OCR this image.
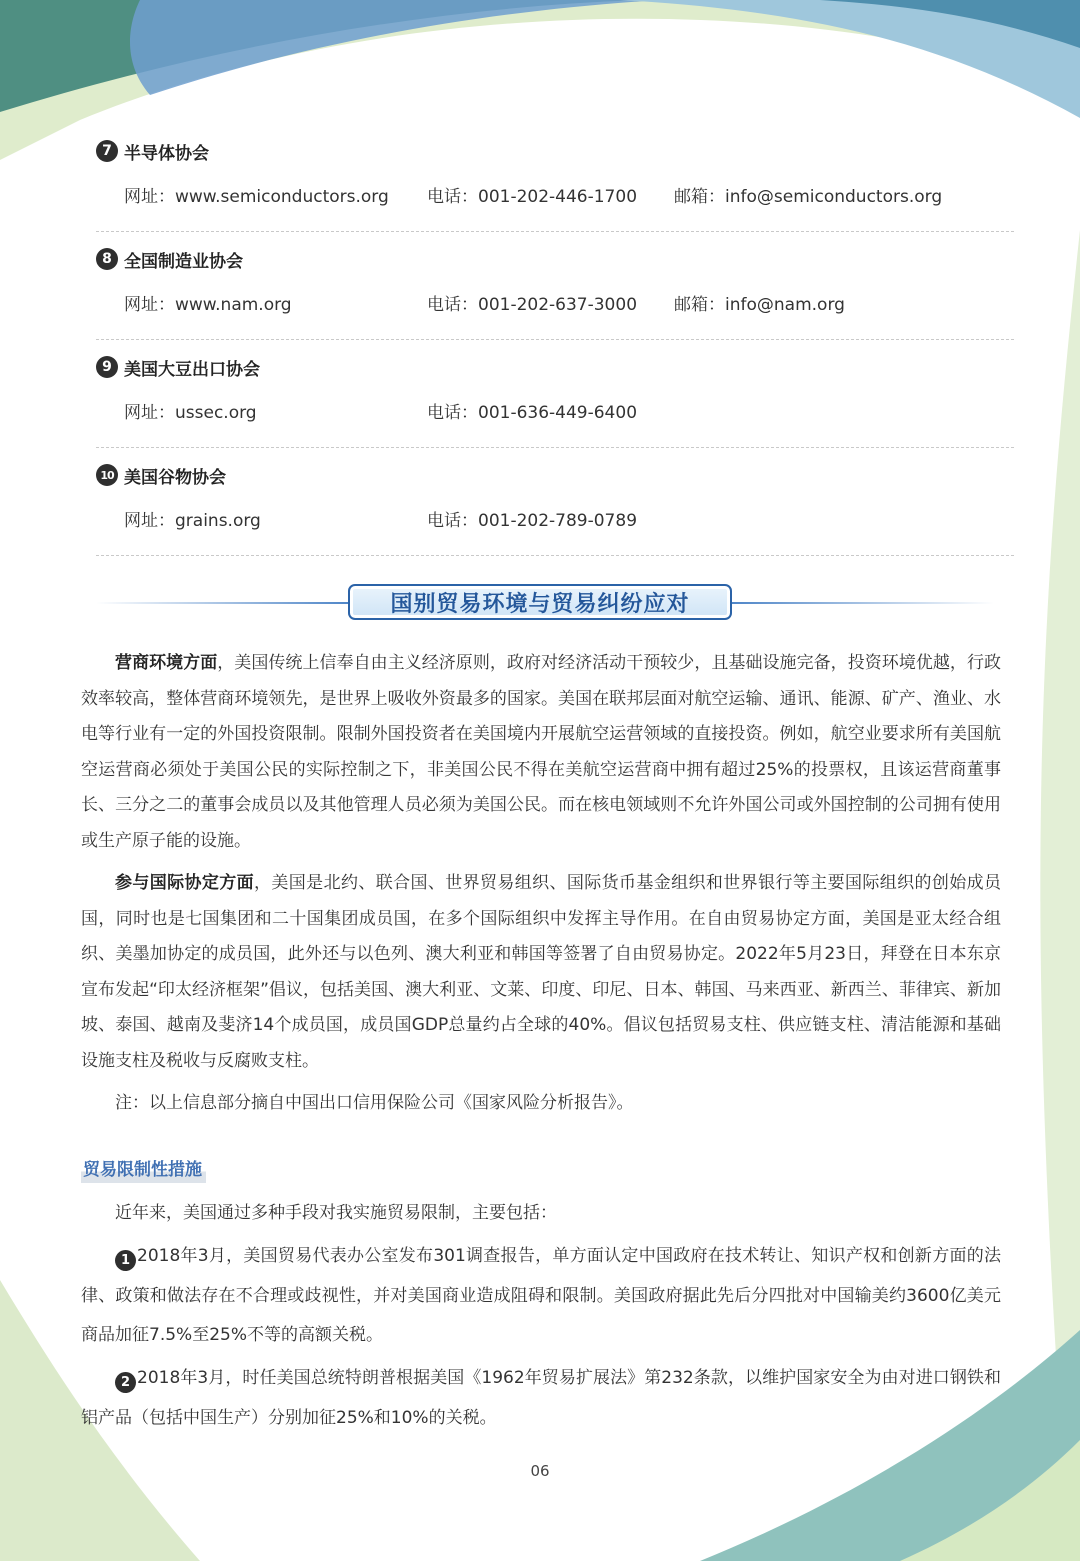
7 半导体协会
网址：www.semiconductors.org 电话：001-202-446-1700 邮箱：info@semiconductors.org
8 全国制造业协会
网址：www.nam.org	电话：001-202-637-3000 邮箱：info@nam.org
9 美国大豆出口协会
网址：ussec.org	电话：001-636-449-6400
10 美国谷物协会
网址：grains.org	电话：001-202-789-0789
国别贸易环境与贸易纠纷应对

营商环境方面，美国传统上信奉自由主义经济原则，政府对经济活动干预较少，且基础设施完备，投资环境优越，行政效率较高，整体营商环境领先，是世界上吸收外资最多的国家。美国在联邦层面对航空运输、通讯、能源、矿产、渔业、水电等行业有一定的外国投资限制。限制外国投资者在美国境内开展航空运营领域的直接投资。例如，航空业要求所有美国航空运营商必须处于美国公民的实际控制之下，非美国公民不得在美航空运营商中拥有超过25%的投票权，且该运营商董事长、三分之二的董事会成员以及其他管理人员必须为美国公民。而在核电领域则不允许外国公司或外国控制的公司拥有使用或生产原子能的设施。

参与国际协定方面，美国是北约、联合国、世界贸易组织、国际货币基金组织和世界银行等主要国际组织的创始成员国，同时也是七国集团和二十国集团成员国，在多个国际组织中发挥主导作用。在自由贸易协定方面，美国是亚太经合组织、美墨加协定的成员国，此外还与以色列、澳大利亚和韩国等签署了自由贸易协定。2022年5月23日，拜登在日本东京宣布发起“印太经济框架”倡议，包括美国、澳大利亚、文莱、印度、印尼、日本、韩国、马来西亚、新西兰、菲律宾、新加坡、泰国、越南及斐济14个成员国，成员国GDP总量约占全球的40%。倡议包括贸易支柱、供应链支柱、清洁能源和基础设施支柱及税收与反腐败支柱。

注：以上信息部分摘自中国出口信用保险公司《国家风险分析报告》。

贸易限制性措施

近年来，美国通过多种手段对我实施贸易限制，主要包括：

1 2018年3月，美国贸易代表办公室发布301调查报告，单方面认定中国政府在技术转让、知识产权和创新方面的法律、政策和做法存在不合理或歧视性，并对美国商业造成阻碍和限制。美国政府据此先后分四批对中国输美约3600亿美元商品加征7.5%至25%不等的高额关税。

2 2018年3月，时任美国总统特朗普根据美国《1962年贸易扩展法》第232条款，以维护国家安全为由对进口钢铁和铝产品（包括中国生产）分别加征25%和10%的关税。

06
